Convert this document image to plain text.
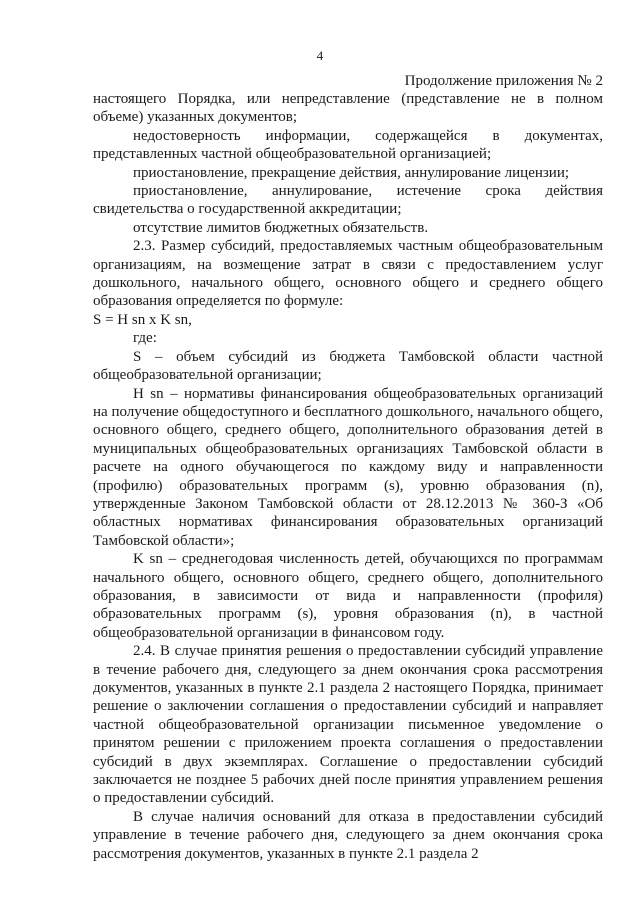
4
Продолжение приложения № 2

настоящего Порядка, или непредставление (представление не в полном объеме) указанных документов;

недостоверность информации, содержащейся в документах, представленных частной общеобразовательной организацией;

приостановление, прекращение действия, аннулирование лицензии;

приостановление, аннулирование, истечение срока действия свидетельства о государственной аккредитации;

отсутствие лимитов бюджетных обязательств.

2.3. Размер субсидий, предоставляемых частным общеобразовательным организациям, на возмещение затрат в связи с предоставлением услуг дошкольного, начального общего, основного общего и среднего общего образования определяется по формуле:

S = H sn x K sn,

где:

S – объем субсидий из бюджета Тамбовской области частной общеобразовательной организации;

H sn – нормативы финансирования общеобразовательных организаций на получение общедоступного и бесплатного дошкольного, начального общего, основного общего, среднего общего, дополнительного образования детей в муниципальных общеобразовательных организациях Тамбовской области в расчете на одного обучающегося по каждому виду и направленности (профилю) образовательных программ (s), уровню образования (n), утвержденные Законом Тамбовской области от 28.12.2013 № 360-З «Об областных нормативах финансирования образовательных организаций Тамбовской области»;

K sn – среднегодовая численность детей, обучающихся по программам начального общего, основного общего, среднего общего, дополнительного образования, в зависимости от вида и направленности (профиля) образовательных программ (s), уровня образования (n), в частной общеобразовательной организации в финансовом году.

2.4. В случае принятия решения о предоставлении субсидий управление в течение рабочего дня, следующего за днем окончания срока рассмотрения документов, указанных в пункте 2.1 раздела 2 настоящего Порядка, принимает решение о заключении соглашения о предоставлении субсидий и направляет частной общеобразовательной организации письменное уведомление о принятом решении с приложением проекта соглашения о предоставлении субсидий в двух экземплярах. Соглашение о предоставлении субсидий заключается не позднее 5 рабочих дней после принятия управлением решения о предоставлении субсидий.

В случае наличия оснований для отказа в предоставлении субсидий управление в течение рабочего дня, следующего за днем окончания срока рассмотрения документов, указанных в пункте 2.1 раздела 2
